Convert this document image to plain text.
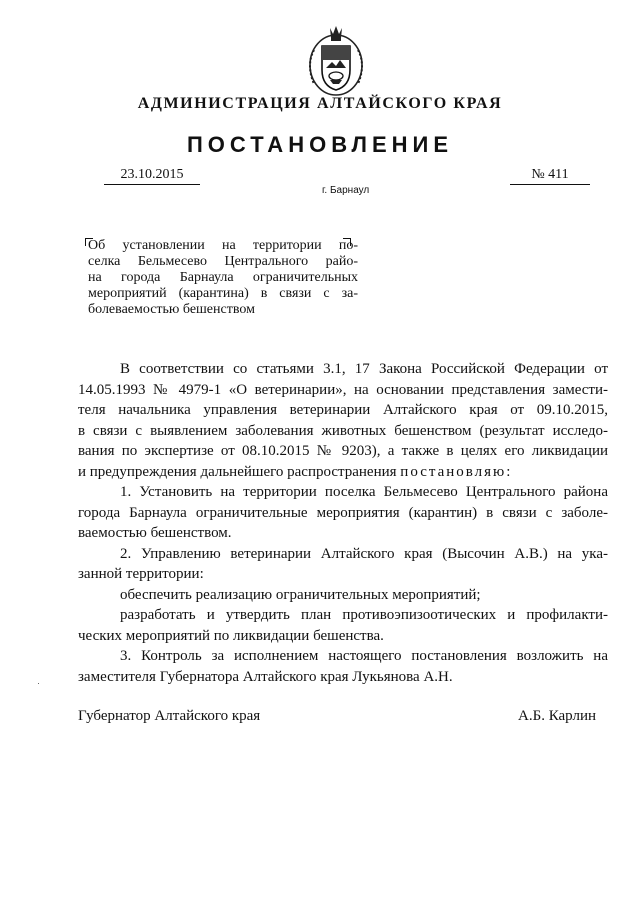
АДМИНИСТРАЦИЯ АЛТАЙСКОГО КРАЯ
ПОСТАНОВЛЕНИЕ
23.10.2015	№ 411
г. Барнаул
Об установлении на территории по-
селка Бельмесево Центрального райо-
на города Барнаула ограничительных
мероприятий (карантина) в связи с за-
болеваемостью бешенством
В соответствии со статьями 3.1, 17 Закона Российской Федерации от
14.05.1993 № 4979-1 «О ветеринарии», на основании представления замести-
теля начальника управления ветеринарии Алтайского края от 09.10.2015,
в связи с выявлением заболевания животных бешенством (результат исследо-
вания по экспертизе от 08.10.2015 № 9203), а также в целях его ликвидации
и предупреждения дальнейшего распространения постановляю:
1. Установить на территории поселка Бельмесево Центрального района
города Барнаула ограничительные мероприятия (карантин) в связи с заболе-
ваемостью бешенством.
2. Управлению ветеринарии Алтайского края (Высочин А.В.) на ука-
занной территории:
обеспечить реализацию ограничительных мероприятий;
разработать и утвердить план противоэпизоотических и профилакти-
ческих мероприятий по ликвидации бешенства.
3. Контроль за исполнением настоящего постановления возложить на
заместителя Губернатора Алтайского края Лукьянова А.Н.
Губернатор Алтайского края	А.Б. Карлин
